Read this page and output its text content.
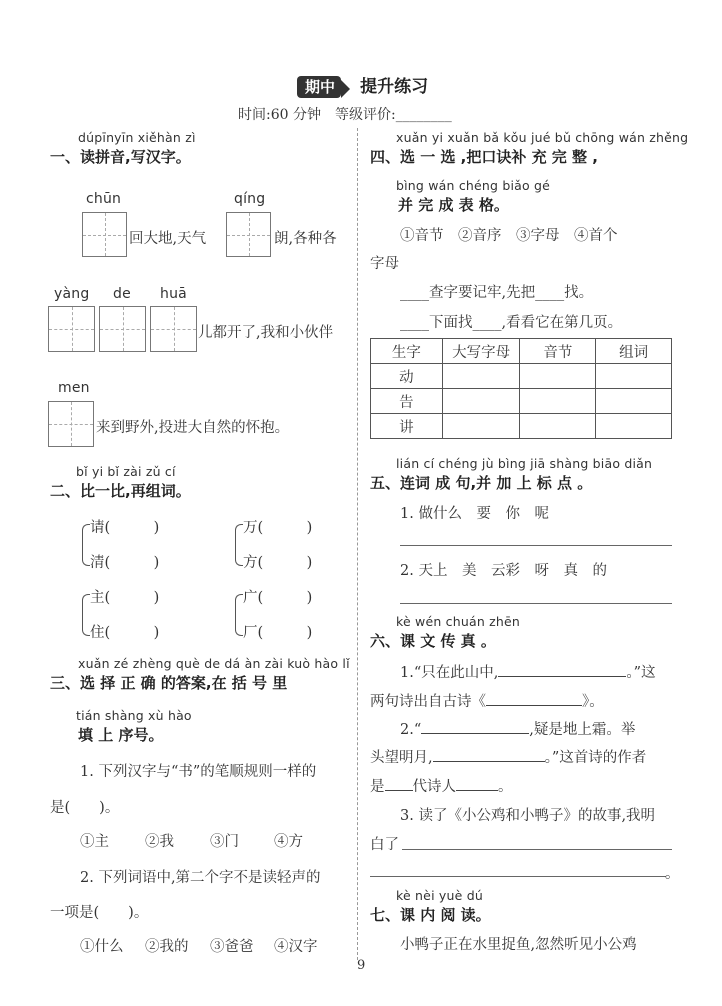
期中 提升练习
时间:60 分钟　等级评价:________
dúpīnyīn xiěhàn zì
一、读拼音,写汉字。
chūn	qíng
回大地,天气	朗,各种各
yàng de huā
儿都开了,我和小伙伴
men
来到野外,投进大自然的怀抱。
bǐ yi bǐ zài zǔ cí
二、比一比,再组词。
请(　　　)
清(　　　)
万(　　　)
方(　　　)
主(　　　)
住(　　　)
广(　　　)
厂(　　　)
xuǎn zé zhèng què de dá àn zài kuò hào lǐ
三、选 择 正 确 的答案,在 括 号 里
tián shàng xù hào
填 上 序号。
1. 下列汉字与“书”的笔顺规则一样的
是(　　)。
①主 ②我 ③门 ④方
2. 下列词语中,第二个字不是读轻声的
一项是(　　)。
①什么 ②我的 ③爸爸 ④汉字
xuǎn yi xuǎn bǎ kǒu jué bǔ chōng wán zhěng
四、选 一 选 ,把口诀补 充 完 整 ,
bìng wán chéng biǎo gé
并 完 成 表 格。
①音节　②音序　③字母　④首个
字母
____查字要记牢,先把____找。
____下面找____,看看它在第几页。
生字	大写字母	音节	组词
动			
告			
讲			
lián cí chéng jù bìng jiā shàng biāo diǎn
五、连词 成 句,并 加 上 标 点 。
1. 做什么　要　你　呢
2. 天上　美　云彩　呀　真　的
kè wén chuán zhēn
六、课 文 传 真 。
1.“只在此山中,	。”这
两句诗出自古诗《	》。
2.“	,疑是地上霜。举
头望明月,	。”这首诗的作者
是 代诗人	。
3. 读了《小公鸡和小鸭子》的故事,我明
白了
。
kè nèi yuè dú
七、课 内 阅 读。
小鸭子正在水里捉鱼,忽然听见小公鸡
9
